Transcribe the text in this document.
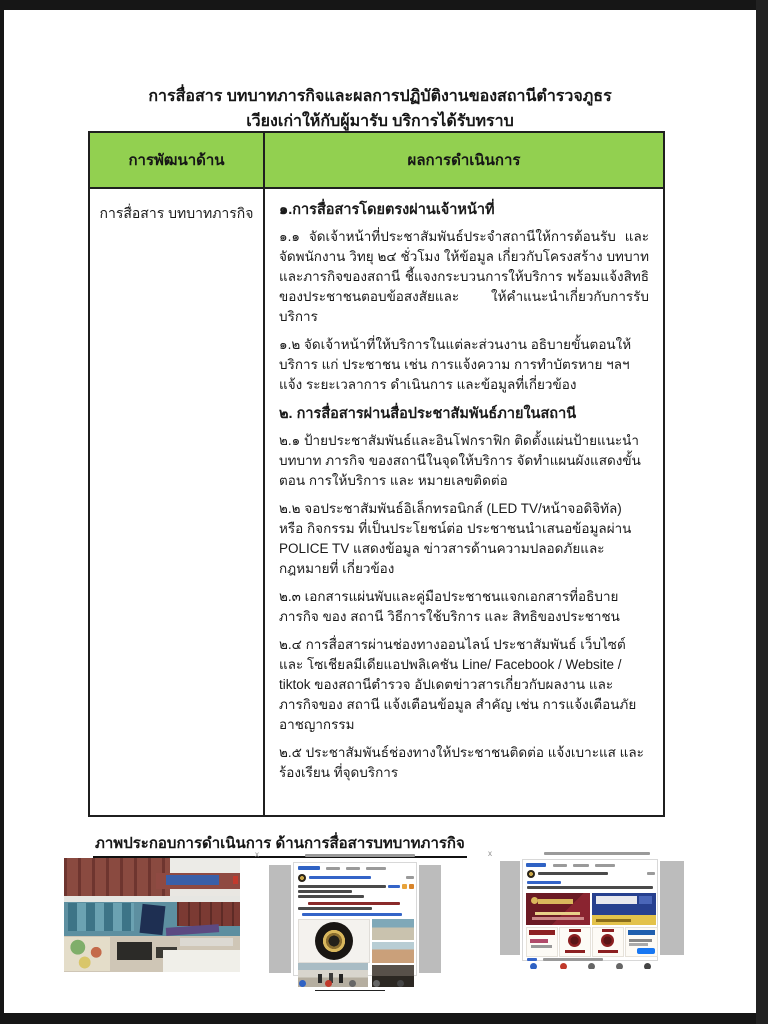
การสื่อสาร บทบาทภารกิจและผลการปฏิบัติงานของสถานีตำรวจภูธร
เวียงเก่าให้กับผู้มารับ บริการได้รับทราบ
การพัฒนาด้าน	ผลการดำเนินการ
การสื่อสาร บทบาทภารกิจ	๑.การสื่อสารโดยตรงผ่านเจ้าหน้าที่

๑.๑ จัดเจ้าหน้าที่ประชาสัมพันธ์ประจำสถานีให้การต้อนรับ และจัดพนักงาน วิทยุ ๒๔ ชั่วโมง ให้ข้อมูล เกี่ยวกับโครงสร้าง บทบาท และภารกิจของสถานี ชี้แจงกระบวนการให้บริการ พร้อมแจ้งสิทธิของประชาชนตอบข้อสงสัยและ ให้คำแนะนำเกี่ยวกับการรับบริการ

๑.๒ จัดเจ้าหน้าที่ให้บริการในแต่ละส่วนงาน อธิบายขั้นตอนให้บริการ แก่ ประชาชน เช่น การแจ้งความ การทำบัตรหาย ฯลฯ แจ้ง ระยะเวลาการ ดำเนินการ และข้อมูลที่เกี่ยวข้อง

๒. การสื่อสารผ่านสื่อประชาสัมพันธ์ภายในสถานี

๒.๑ ป้ายประชาสัมพันธ์และอินโฟกราฟิก ติดตั้งแผ่นป้ายแนะนำ บทบาท ภารกิจ ของสถานีในจุดให้บริการ จัดทำแผนผังแสดงขั้นตอน การให้บริการ และ หมายเลขติดต่อ

๒.๒ จอประชาสัมพันธ์อิเล็กทรอนิกส์ (LED TV/หน้าจอดิจิทัล) หรือ กิจกรรม ที่เป็นประโยชน์ต่อ ประชาชนนำเสนอข้อมูลผ่าน POLICE TV แสดงข้อมูล ข่าวสารด้านความปลอดภัยและกฎหมายที่ เกี่ยวข้อง

๒.๓ เอกสารแผ่นพับและคู่มือประชาชนแจกเอกสารที่อธิบายภารกิจ ของ สถานี วิธีการใช้บริการ และ สิทธิของประชาชน

๒.๔ การสื่อสารผ่านช่องทางออนไลน์ ประชาสัมพันธ์ เว็บไซต์ และ โซเชียลมีเดียแอปพลิเคชัน Line/ Facebook / Website / tiktok ของสถานีตำรวจ อัปเดตข่าวสารเกี่ยวกับผลงาน และภารกิจของ สถานี แจ้งเตือนข้อมูล สำคัญ เช่น การแจ้งเตือนภัยอาชญากรรม

๒.๕ ประชาสัมพันธ์ช่องทางให้ประชาชนติดต่อ แจ้งเบาะแส และ ร้องเรียน ที่จุดบริการ

ภาพประกอบการดำเนินการ ด้านการสื่อสารบทบาทภารกิจ
x	x
